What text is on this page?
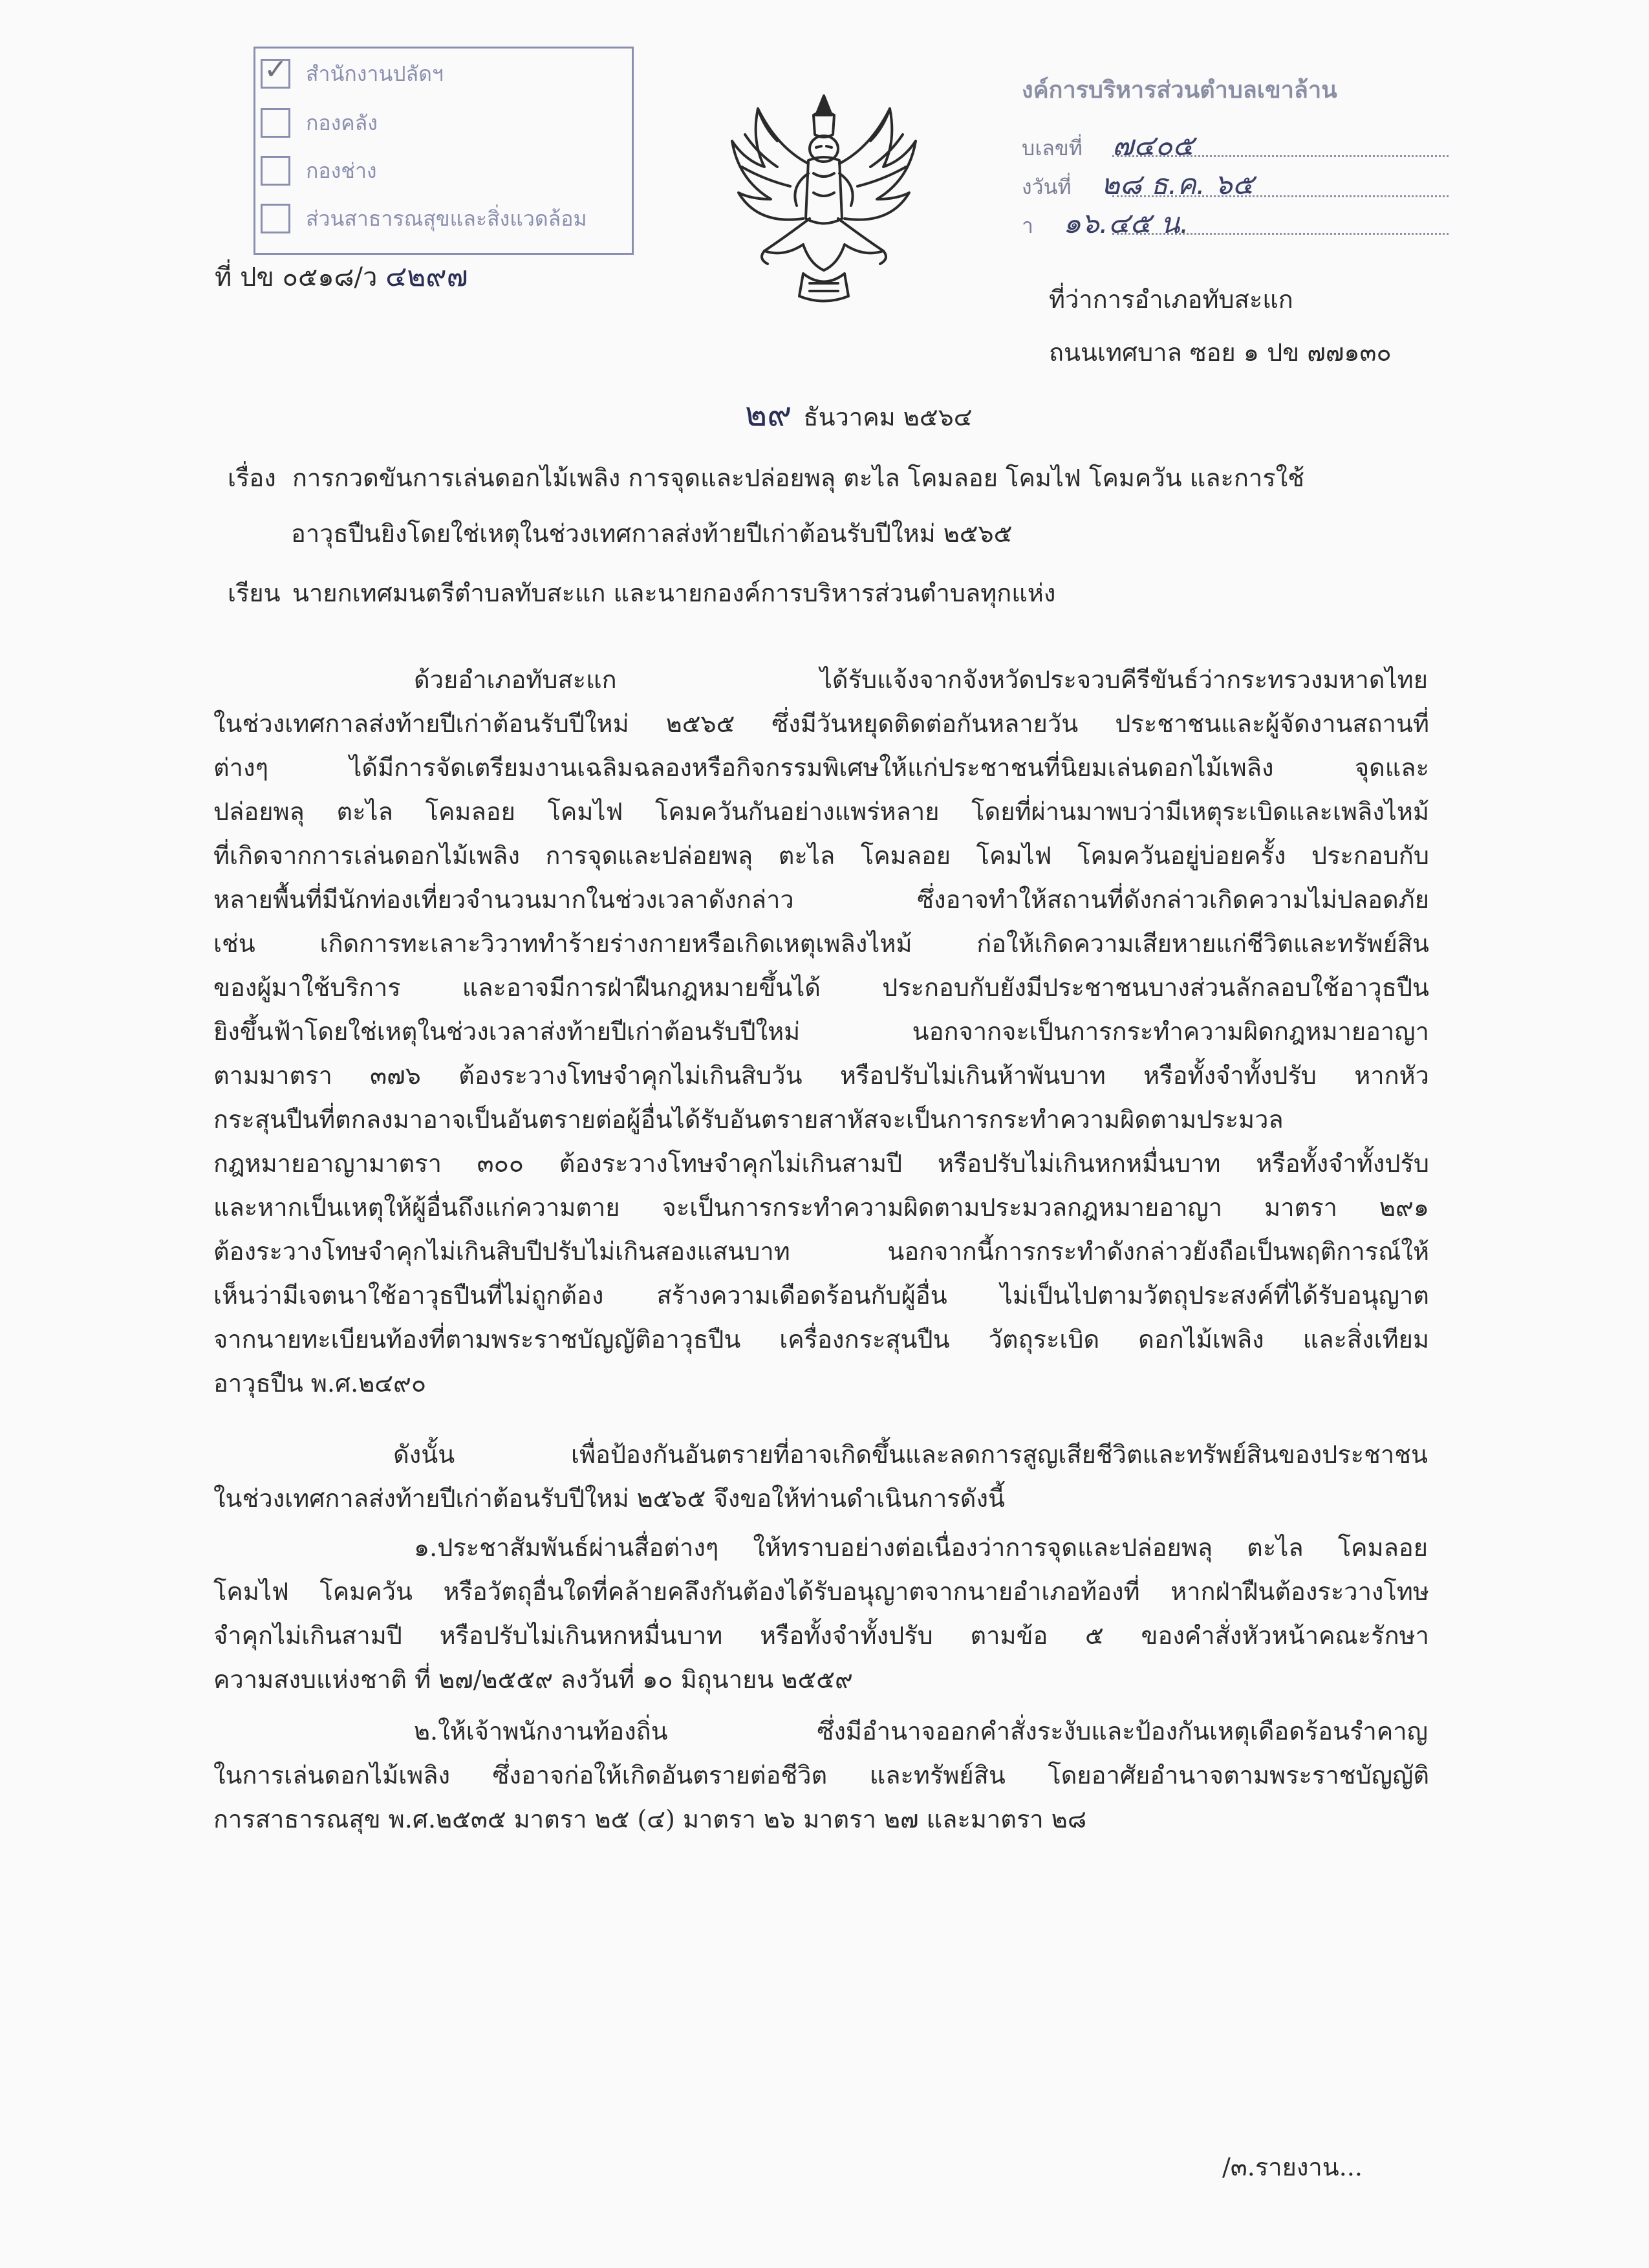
✓ สำนักงานปลัดฯ
กองคลัง
กองช่าง
ส่วนสาธารณสุขและสิ่งแวดล้อม
ที่ ปข ๐๕๑๘/ว ๔๒๙๗
งค์การบริหารส่วนตำบลเขาล้าน
บเลขที่ ๗๔๐๕
งวันที่ ๒๘ ธ.ค. ๖๕
า ๑๖.๔๕ น.
ที่ว่าการอำเภอทับสะแก
ถนนเทศบาล ซอย ๑ ปข ๗๗๑๓๐
๒๙ ธันวาคม ๒๕๖๔
เรื่อง การกวดขันการเล่นดอกไม้เพลิง การจุดและปล่อยพลุ ตะไล โคมลอย โคมไฟ โคมควัน และการใช้
อาวุธปืนยิงโดยใช่เหตุในช่วงเทศกาลส่งท้ายปีเก่าต้อนรับปีใหม่ ๒๕๖๕
เรียน นายกเทศมนตรีตำบลทับสะแก และนายกองค์การบริหารส่วนตำบลทุกแห่ง
ด้วยอำเภอทับสะแก ได้รับแจ้งจากจังหวัดประจวบคีรีขันธ์ว่ากระทรวงมหาดไทย
ในช่วงเทศกาลส่งท้ายปีเก่าต้อนรับปีใหม่ ๒๕๖๕ ซึ่งมีวันหยุดติดต่อกันหลายวัน ประชาชนและผู้จัดงานสถานที่
ต่างๆ ได้มีการจัดเตรียมงานเฉลิมฉลองหรือกิจกรรมพิเศษให้แก่ประชาชนที่นิยมเล่นดอกไม้เพลิง จุดและ
ปล่อยพลุ ตะไล โคมลอย โคมไฟ โคมควันกันอย่างแพร่หลาย โดยที่ผ่านมาพบว่ามีเหตุระเบิดและเพลิงไหม้
ที่เกิดจากการเล่นดอกไม้เพลิง การจุดและปล่อยพลุ ตะไล โคมลอย โคมไฟ โคมควันอยู่บ่อยครั้ง ประกอบกับ
หลายพื้นที่มีนักท่องเที่ยวจำนวนมากในช่วงเวลาดังกล่าว ซึ่งอาจทำให้สถานที่ดังกล่าวเกิดความไม่ปลอดภัย
เช่น เกิดการทะเลาะวิวาททำร้ายร่างกายหรือเกิดเหตุเพลิงไหม้ ก่อให้เกิดความเสียหายแก่ชีวิตและทรัพย์สิน
ของผู้มาใช้บริการ และอาจมีการฝ่าฝืนกฎหมายขึ้นได้ ประกอบกับยังมีประชาชนบางส่วนลักลอบใช้อาวุธปืน
ยิงขึ้นฟ้าโดยใช่เหตุในช่วงเวลาส่งท้ายปีเก่าต้อนรับปีใหม่ นอกจากจะเป็นการกระทำความผิดกฎหมายอาญา
ตามมาตรา ๓๗๖ ต้องระวางโทษจำคุกไม่เกินสิบวัน หรือปรับไม่เกินห้าพันบาท หรือทั้งจำทั้งปรับ หากหัว
กระสุนปืนที่ตกลงมาอาจเป็นอันตรายต่อผู้อื่นได้รับอันตรายสาหัสจะเป็นการกระทำความผิดตามประมวล
กฎหมายอาญามาตรา ๓๐๐ ต้องระวางโทษจำคุกไม่เกินสามปี หรือปรับไม่เกินหกหมื่นบาท หรือทั้งจำทั้งปรับ
และหากเป็นเหตุให้ผู้อื่นถึงแก่ความตาย จะเป็นการกระทำความผิดตามประมวลกฎหมายอาญา มาตรา ๒๙๑
ต้องระวางโทษจำคุกไม่เกินสิบปีปรับไม่เกินสองแสนบาท นอกจากนี้การกระทำดังกล่าวยังถือเป็นพฤติการณ์ให้
เห็นว่ามีเจตนาใช้อาวุธปืนที่ไม่ถูกต้อง สร้างความเดือดร้อนกับผู้อื่น ไม่เป็นไปตามวัตถุประสงค์ที่ได้รับอนุญาต
จากนายทะเบียนท้องที่ตามพระราชบัญญัติอาวุธปืน เครื่องกระสุนปืน วัตถุระเบิด ดอกไม้เพลิง และสิ่งเทียม
อาวุธปืน พ.ศ.๒๔๙๐
ดังนั้น เพื่อป้องกันอันตรายที่อาจเกิดขึ้นและลดการสูญเสียชีวิตและทรัพย์สินของประชาชน
ในช่วงเทศกาลส่งท้ายปีเก่าต้อนรับปีใหม่ ๒๕๖๕ จึงขอให้ท่านดำเนินการดังนี้
๑.ประชาสัมพันธ์ผ่านสื่อต่างๆ ให้ทราบอย่างต่อเนื่องว่าการจุดและปล่อยพลุ ตะไล โคมลอย
โคมไฟ โคมควัน หรือวัตถุอื่นใดที่คล้ายคลึงกันต้องได้รับอนุญาตจากนายอำเภอท้องที่ หากฝ่าฝืนต้องระวางโทษ
จำคุกไม่เกินสามปี หรือปรับไม่เกินหกหมื่นบาท หรือทั้งจำทั้งปรับ ตามข้อ ๕ ของคำสั่งหัวหน้าคณะรักษา
ความสงบแห่งชาติ ที่ ๒๗/๒๕๕๙ ลงวันที่ ๑๐ มิถุนายน ๒๕๕๙
๒.ให้เจ้าพนักงานท้องถิ่น ซึ่งมีอำนาจออกคำสั่งระงับและป้องกันเหตุเดือดร้อนรำคาญ
ในการเล่นดอกไม้เพลิง ซึ่งอาจก่อให้เกิดอันตรายต่อชีวิต และทรัพย์สิน โดยอาศัยอำนาจตามพระราชบัญญัติ
การสาธารณสุข พ.ศ.๒๕๓๕ มาตรา ๒๕ (๔) มาตรา ๒๖ มาตรา ๒๗ และมาตรา ๒๘
/๓.รายงาน...
